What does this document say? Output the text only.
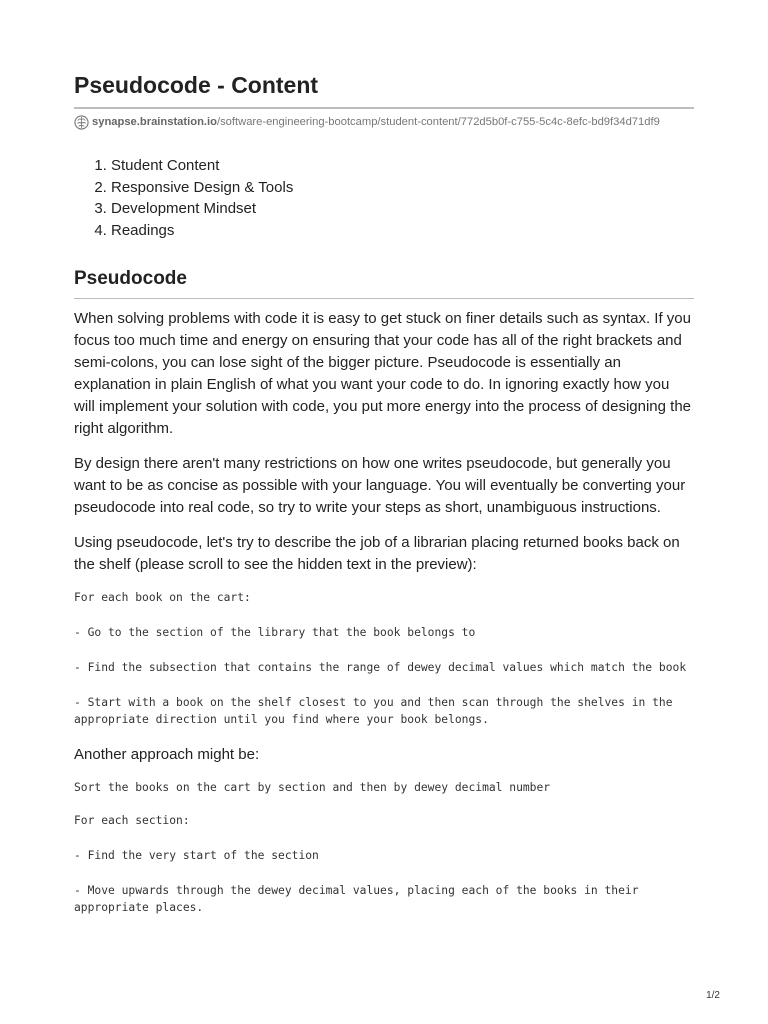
Pseudocode - Content
synapse.brainstation.io /software-engineering-bootcamp/student-content/772d5b0f-c755-5c4c-8efc-bd9f34d71df9
1. Student Content
2. Responsive Design & Tools
3. Development Mindset
4. Readings
Pseudocode

When solving problems with code it is easy to get stuck on finer details such as syntax. If you focus too much time and energy on ensuring that your code has all of the right brackets and semi-colons, you can lose sight of the bigger picture. Pseudocode is essentially an explanation in plain English of what you want your code to do. In ignoring exactly how you will implement your solution with code, you put more energy into the process of designing the right algorithm.

By design there aren't many restrictions on how one writes pseudocode, but generally you want to be as concise as possible with your language. You will eventually be converting your pseudocode into real code, so try to write your steps as short, unambiguous instructions.

Using pseudocode, let's try to describe the job of a librarian placing returned books back on the shelf (please scroll to see the hidden text in the preview):

For each book on the cart:
- Go to the section of the library that the book belongs to
- Find the subsection that contains the range of dewey decimal values which match the book
- Start with a book on the shelf closest to you and then scan through the shelves in the appropriate direction until you find where your book belongs.

Another approach might be:

Sort the books on the cart by section and then by dewey decimal number
For each section:
- Find the very start of the section
- Move upwards through the dewey decimal values, placing each of the books in their appropriate places.
1/2
